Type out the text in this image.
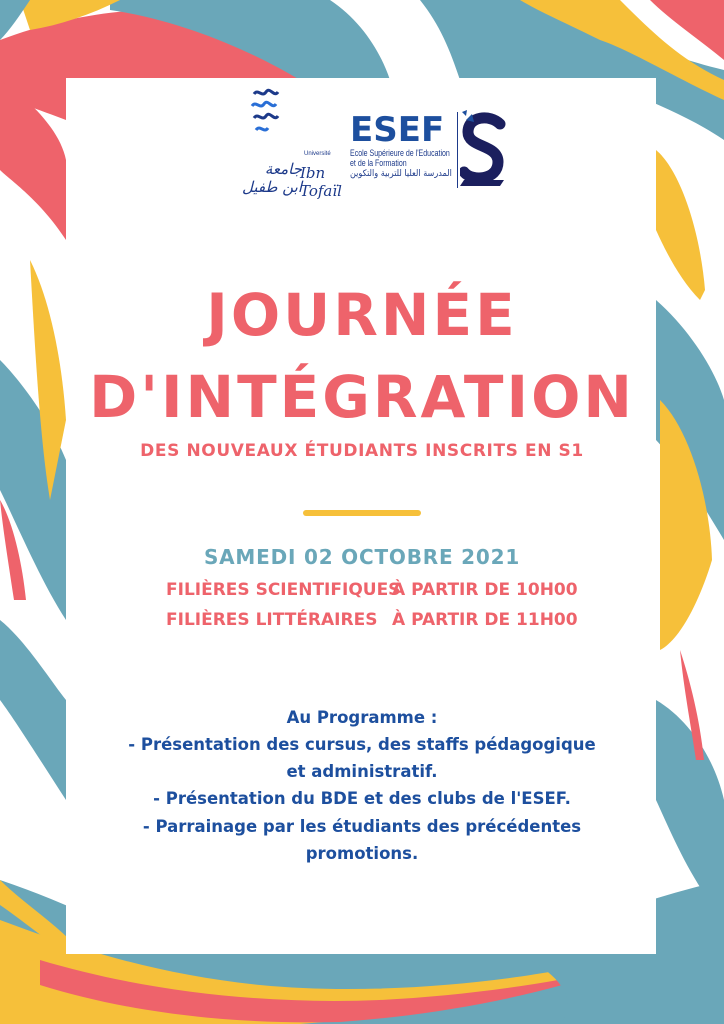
Université
جامعة ابن طفيل
Ibn Tofaïl
ESEF
Ecole Supérieure de l'Education
et de la Formation
المدرسة العليا للتربية والتكوين
JOURNÉE
D'INTÉGRATION
DES NOUVEAUX ÉTUDIANTS INSCRITS EN S1
SAMEDI 02 OCTOBRE 2021
FILIÈRES SCIENTIFIQUES
À PARTIR DE 10H00
FILIÈRES LITTÉRAIRES À PARTIR DE 11H00
Au Programme :
- Présentation des cursus, des staffs pédagogique
et administratif.
- Présentation du BDE et des clubs de l'ESEF.
- Parrainage par les étudiants des précédentes
promotions.
